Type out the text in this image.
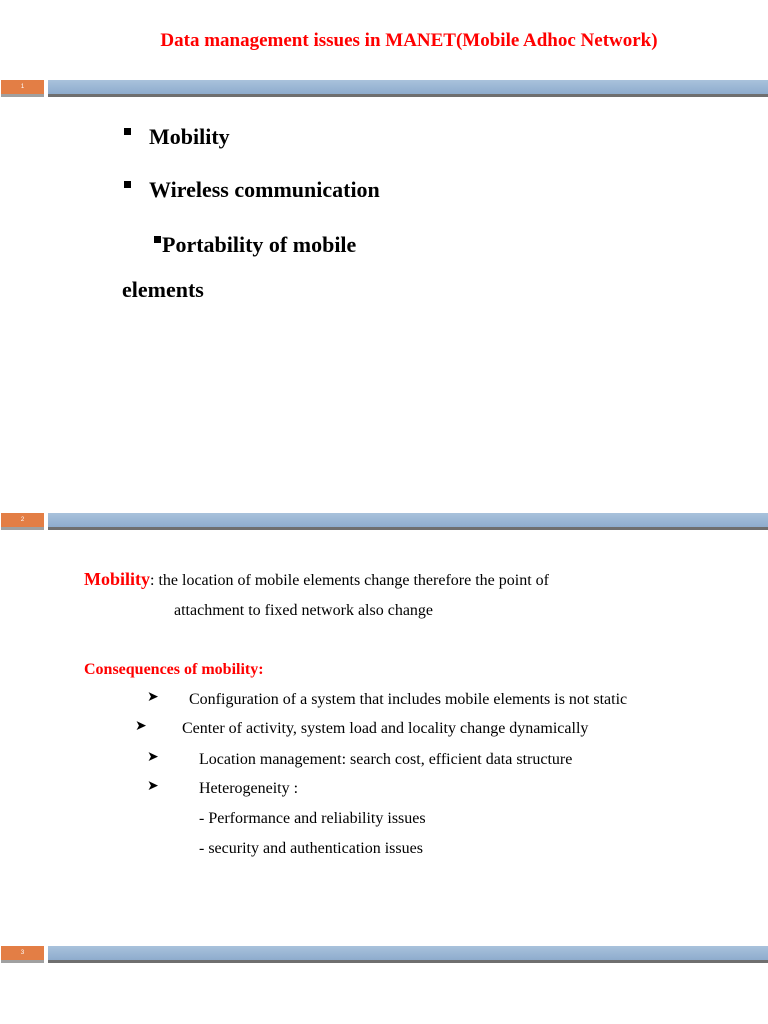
Data management issues in MANET(Mobile Adhoc Network)
1
Mobility
Wireless communication
Portability of mobile
elements
2
Mobility: the location of mobile elements change therefore the point of
attachment to fixed network also change
Consequences of mobility:
➤ Configuration of a system that includes mobile elements is not static
➤ Center of activity, system load and locality change dynamically
➤	Location management: search cost, efficient data structure
➤	Heterogeneity :
- Performance and reliability issues
- security and authentication issues
3
